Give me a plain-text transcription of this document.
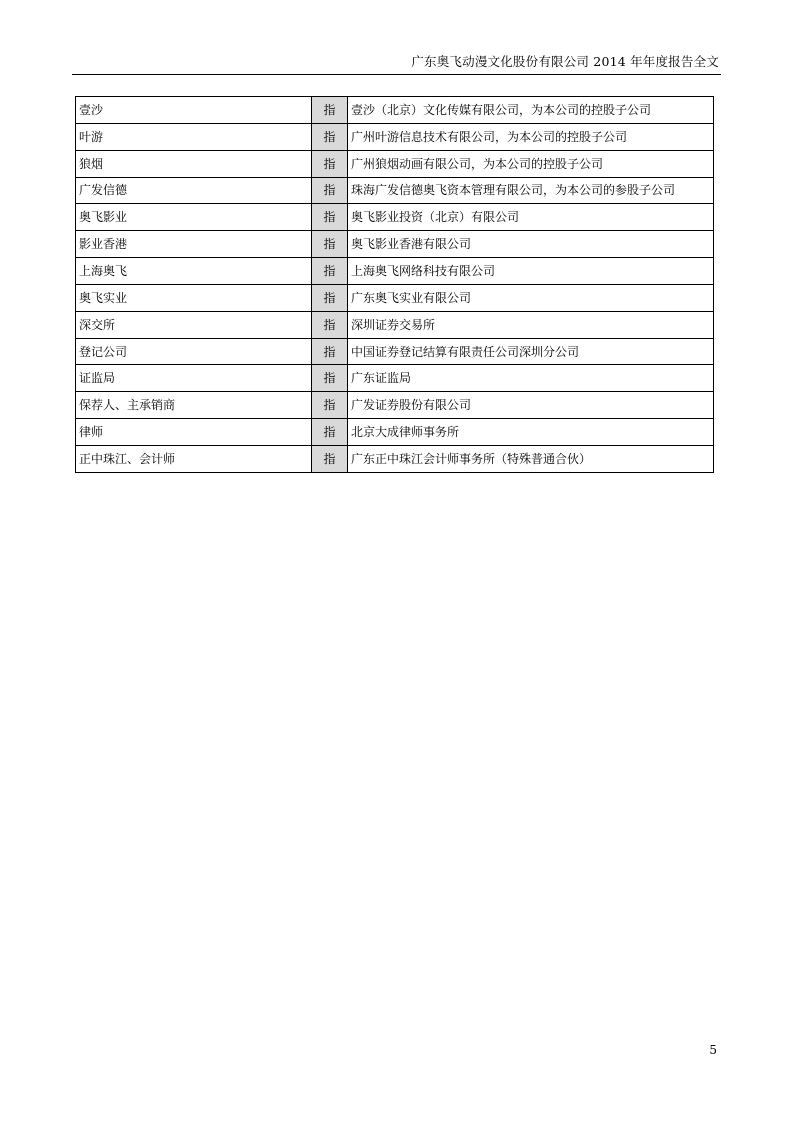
广东奥飞动漫文化股份有限公司 2014 年年度报告全文
壹沙	指	壹沙（北京）文化传媒有限公司，为本公司的控股子公司
叶游	指	广州叶游信息技术有限公司，为本公司的控股子公司
狼烟	指	广州狼烟动画有限公司，为本公司的控股子公司
广发信德	指	珠海广发信德奥飞资本管理有限公司，为本公司的参股子公司
奥飞影业	指	奥飞影业投资（北京）有限公司
影业香港	指	奥飞影业香港有限公司
上海奥飞	指	上海奥飞网络科技有限公司
奥飞实业	指	广东奥飞实业有限公司
深交所	指	深圳证券交易所
登记公司	指	中国证券登记结算有限责任公司深圳分公司
证监局	指	广东证监局
保荐人、主承销商	指	广发证券股份有限公司
律师	指	北京大成律师事务所
正中珠江、会计师	指	广东正中珠江会计师事务所（特殊普通合伙）
5
